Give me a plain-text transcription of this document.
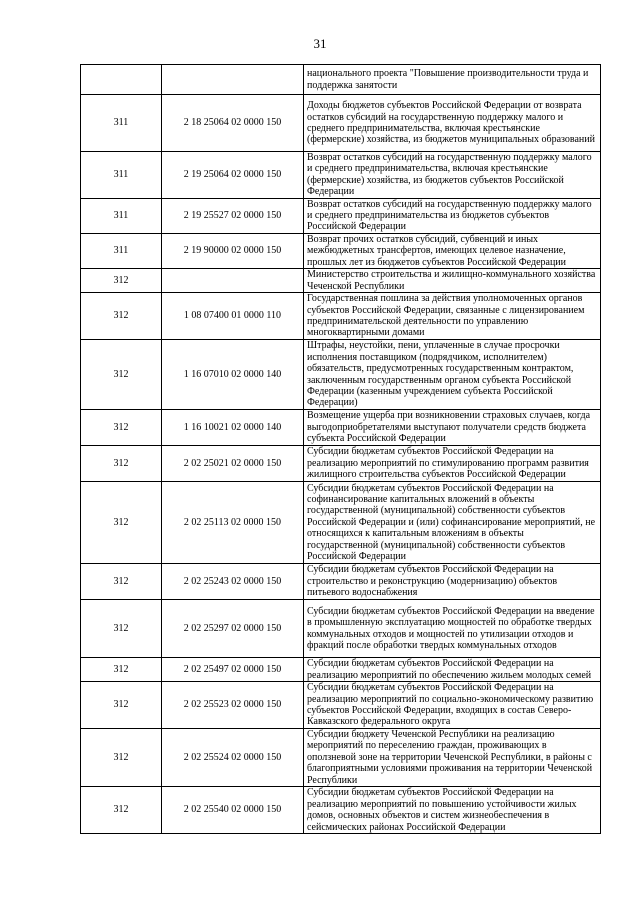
31
		национального проекта "Повышение производительности труда и поддержка занятости
311	2 18 25064 02 0000 150	Доходы бюджетов субъектов Российской Федерации от возврата остатков субсидий на государственную поддержку малого и среднего предпринимательства, включая крестьянские (фермерские) хозяйства, из бюджетов муниципальных образований
311	2 19 25064 02 0000 150	Возврат остатков субсидий на государственную поддержку малого и среднего предпринимательства, включая крестьянские (фермерские) хозяйства, из бюджетов субъектов Российской Федерации
311	2 19 25527 02 0000 150	Возврат остатков субсидий на государственную поддержку малого и среднего предпринимательства из бюджетов субъектов Российской Федерации
311	2 19 90000 02 0000 150	Возврат прочих остатков субсидий, субвенций и иных межбюджетных трансфертов, имеющих целевое назначение, прошлых лет из бюджетов субъектов Российской Федерации
312		Министерство строительства и жилищно-коммунального хозяйства Чеченской Республики
312	1 08 07400 01 0000 110	Государственная пошлина за действия уполномоченных органов субъектов Российской Федерации, связанные с лицензированием предпринимательской деятельности по управлению многоквартирными домами
312	1 16 07010 02 0000 140	Штрафы, неустойки, пени, уплаченные в случае просрочки исполнения поставщиком (подрядчиком, исполнителем) обязательств, предусмотренных государственным контрактом, заключенным государственным органом субъекта Российской Федерации (казенным учреждением субъекта Российской Федерации)
312	1 16 10021 02 0000 140	Возмещение ущерба при возникновении страховых случаев, когда выгодоприобретателями выступают получатели средств бюджета субъекта Российской Федерации
312	2 02 25021 02 0000 150	Субсидии бюджетам субъектов Российской Федерации на реализацию мероприятий по стимулированию программ развития жилищного строительства субъектов Российской Федерации
312	2 02 25113 02 0000 150	Субсидии бюджетам субъектов Российской Федерации на софинансирование капитальных вложений в объекты государственной (муниципальной) собственности субъектов Российской Федерации и (или) софинансирование мероприятий, не относящихся к капитальным вложениям в объекты государственной (муниципальной) собственности субъектов Российской Федерации
312	2 02 25243 02 0000 150	Субсидии бюджетам субъектов Российской Федерации на строительство и реконструкцию (модернизацию) объектов питьевого водоснабжения
312	2 02 25297 02 0000 150	Субсидии бюджетам субъектов Российской Федерации на введение в промышленную эксплуатацию мощностей по обработке твердых коммунальных отходов и мощностей по утилизации отходов и фракций после обработки твердых коммунальных отходов
312	2 02 25497 02 0000 150	Субсидии бюджетам субъектов Российской Федерации на реализацию мероприятий по обеспечению жильем молодых семей
312	2 02 25523 02 0000 150	Субсидии бюджетам субъектов Российской Федерации на реализацию мероприятий по социально-экономическому развитию субъектов Российской Федерации, входящих в состав Северо-Кавказского федерального округа
312	2 02 25524 02 0000 150	Субсидии бюджету Чеченской Республики на реализацию мероприятий по переселению граждан, проживающих в оползневой зоне на территории Чеченской Республики, в районы с благоприятными условиями проживания на территории Чеченской Республики
312	2 02 25540 02 0000 150	Субсидии бюджетам субъектов Российской Федерации на реализацию мероприятий по повышению устойчивости жилых домов, основных объектов и систем жизнеобеспечения в сейсмических районах Российской Федерации
